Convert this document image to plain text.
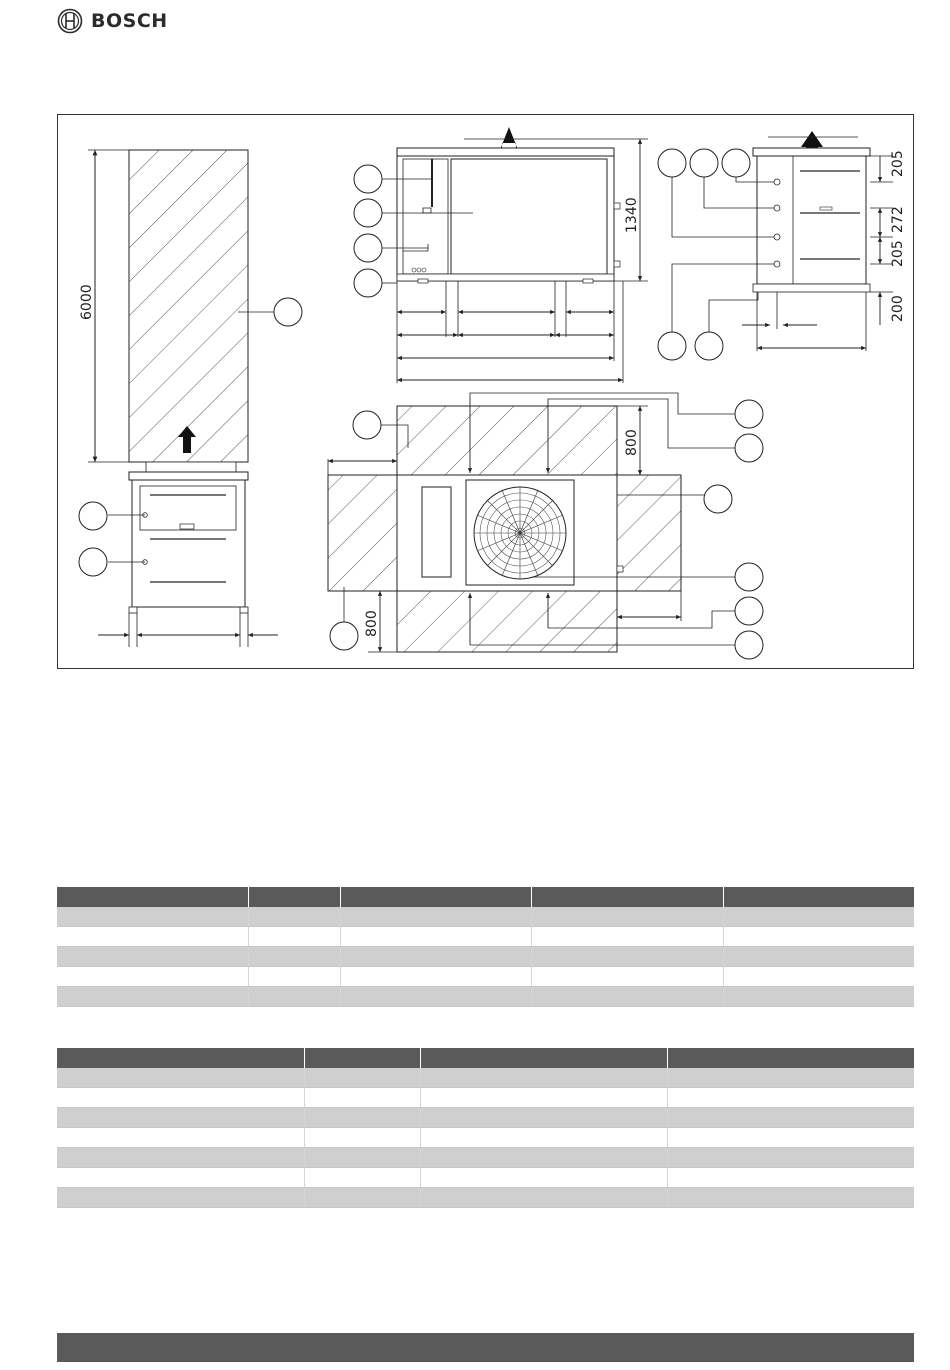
BOSCH
6000
1340
205
272
205
200
800
800
